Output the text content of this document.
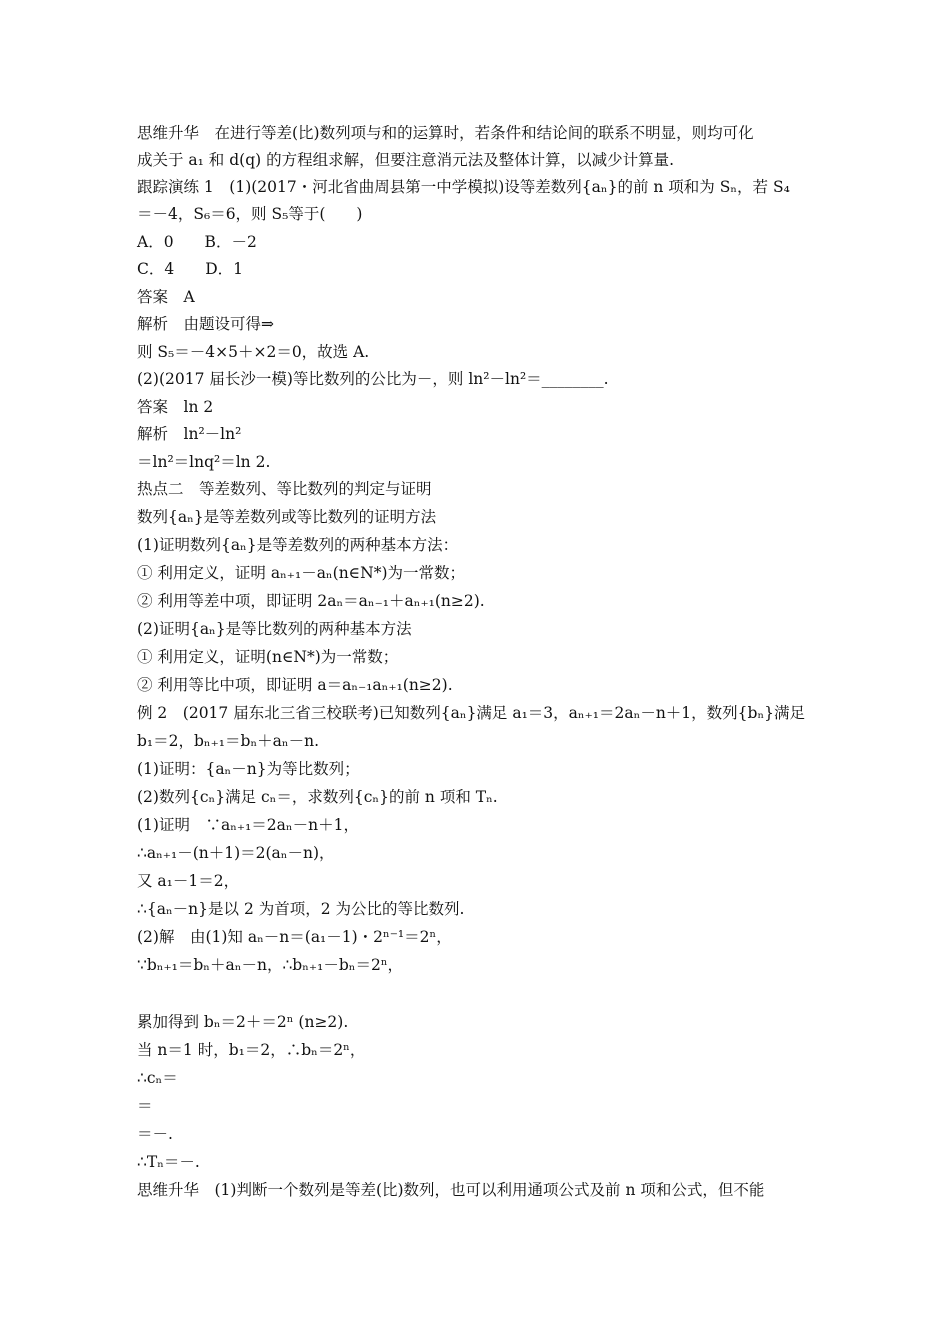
思维升华　在进行等差(比)数列项与和的运算时，若条件和结论间的联系不明显，则均可化
成关于 a₁ 和 d(q) 的方程组求解，但要注意消元法及整体计算，以减少计算量.
跟踪演练 1　(1)(2017・河北省曲周县第一中学模拟)设等差数列{aₙ}的前 n 项和为 Sₙ，若 S₄
＝－4，S₆＝6，则 S₅等于(　　)
A．0　　B．－2
C．4　　D．1
答案　A
解析　由题设可得⇒
则 S₅＝－4×5＋×2＝0，故选 A.
(2)(2017 届长沙一模)等比数列的公比为－，则 ln²－ln²＝________.
答案　ln 2
解析　ln²－ln²
＝ln²＝lnq²＝ln 2.
热点二　等差数列、等比数列的判定与证明
数列{aₙ}是等差数列或等比数列的证明方法
(1)证明数列{aₙ}是等差数列的两种基本方法：
① 利用定义，证明 aₙ₊₁－aₙ(n∈N*)为一常数；
② 利用等差中项，即证明 2aₙ＝aₙ₋₁＋aₙ₊₁(n≥2).
(2)证明{aₙ}是等比数列的两种基本方法
① 利用定义，证明(n∈N*)为一常数；
② 利用等比中项，即证明 a＝aₙ₋₁aₙ₊₁(n≥2).
例 2　(2017 届东北三省三校联考)已知数列{aₙ}满足 a₁＝3，aₙ₊₁＝2aₙ－n＋1，数列{bₙ}满足
b₁＝2，bₙ₊₁＝bₙ＋aₙ－n.
(1)证明：{aₙ－n}为等比数列；
(2)数列{cₙ}满足 cₙ＝，求数列{cₙ}的前 n 项和 Tₙ.
(1)证明　∵aₙ₊₁＝2aₙ－n＋1，
∴aₙ₊₁－(n＋1)＝2(aₙ－n)，
又 a₁－1＝2，
∴{aₙ－n}是以 2 为首项，2 为公比的等比数列.
(2)解　由(1)知 aₙ－n＝(a₁－1)・2ⁿ⁻¹＝2ⁿ，
∵bₙ₊₁＝bₙ＋aₙ－n，∴bₙ₊₁－bₙ＝2ⁿ，
累加得到 bₙ＝2＋＝2ⁿ (n≥2).
当 n＝1 时，b₁＝2，∴bₙ＝2ⁿ，
∴cₙ＝
＝
＝－.
∴Tₙ＝－.
思维升华　(1)判断一个数列是等差(比)数列，也可以利用通项公式及前 n 项和公式，但不能
